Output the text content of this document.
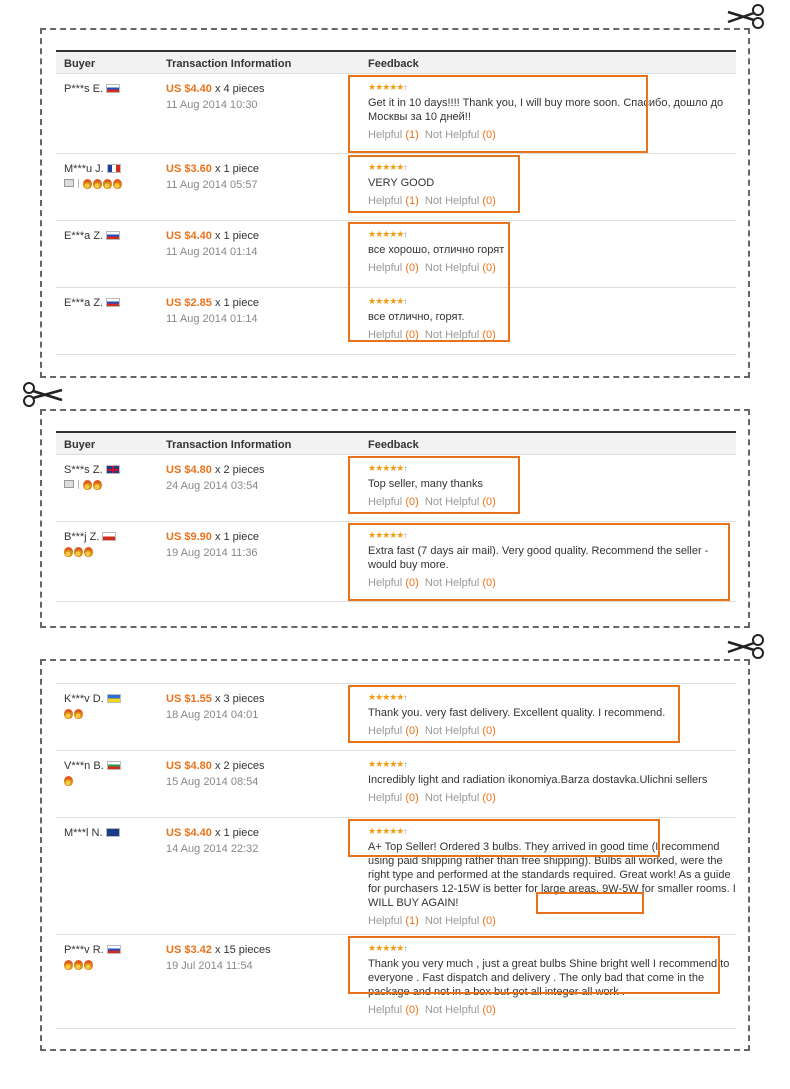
Buyer	Transaction Information	Feedback
P***s E.	US $4.40 x 4 pieces
11 Aug 2014 10:30
★★★★★↑
Get it in 10 days!!!! Thank you, I will buy more soon. Спасибо, дошло до Москвы за 10 дней!!
Helpful (1) Not Helpful (0)
M***u J.	US $3.60 x 1 piece
11 Aug 2014 05:57
★★★★★↑
VERY GOOD
Helpful (1) Not Helpful (0)
E***a Z.	US $4.40 x 1 piece
11 Aug 2014 01:14
★★★★★↑
все хорошо, отлично горят
Helpful (0) Not Helpful (0)
E***a Z.	US $2.85 x 1 piece
11 Aug 2014 01:14
★★★★★↑
все отлично, горят.
Helpful (0) Not Helpful (0)
Buyer	Transaction Information	Feedback
S***s Z.	US $4.80 x 2 pieces
24 Aug 2014 03:54
★★★★★↑
Top seller, many thanks
Helpful (0) Not Helpful (0)
B***j Z.	US $9.90 x 1 piece
19 Aug 2014 11:36
★★★★★↑
Extra fast (7 days air mail). Very good quality. Recommend the seller - would buy more.
Helpful (0) Not Helpful (0)
K***v D.	US $1.55 x 3 pieces
18 Aug 2014 04:01
★★★★★↑
Thank you. very fast delivery. Excellent quality. I recommend.
Helpful (0) Not Helpful (0)
V***n B.	US $4.80 x 2 pieces
15 Aug 2014 08:54
★★★★★↑
Incredibly light and radiation ikonomiya.Barza dostavka.Ulichni sellers
Helpful (0) Not Helpful (0)
M***l N.	US $4.40 x 1 piece
14 Aug 2014 22:32
★★★★★↑
A+ Top Seller! Ordered 3 bulbs. They arrived in good time (I recommend using paid shipping rather than free shipping). Bulbs all worked, were the right type and performed at the standards required. Great work! As a guide for purchasers 12-15W is better for large areas, 9W-5W for smaller rooms. I WILL BUY AGAIN!
Helpful (1) Not Helpful (0)
P***v R.	US $3.42 x 15 pieces
19 Jul 2014 11:54
★★★★★↑
Thank you very much , just a great bulbs Shine bright well I recommend to everyone . Fast dispatch and delivery . The only bad that come in the package and not in a box but got all integer all work .
Helpful (0) Not Helpful (0)
